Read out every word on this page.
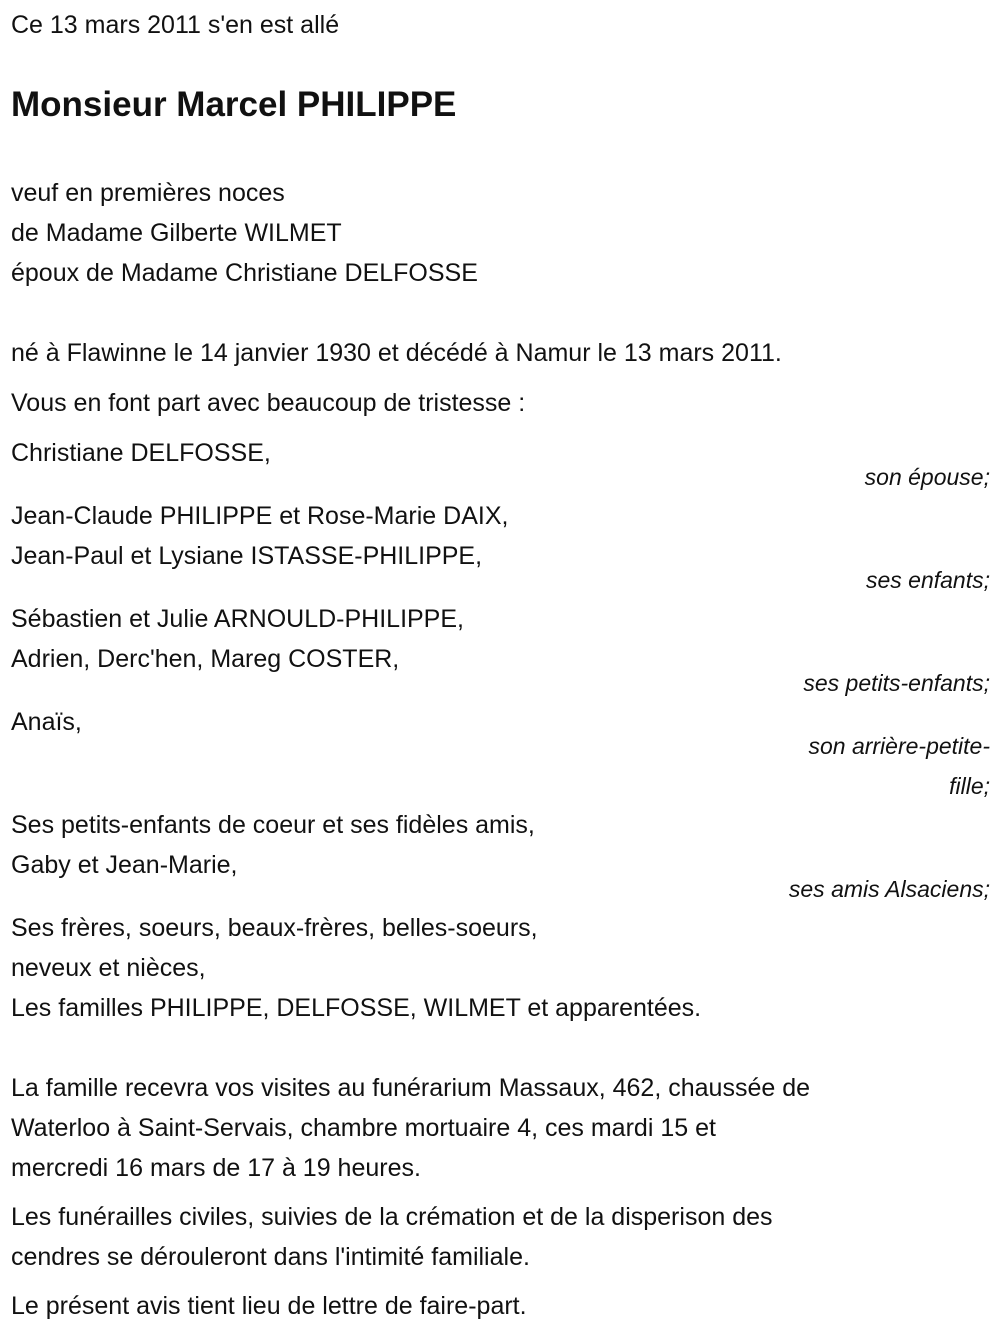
Ce 13 mars 2011 s'en est allé
Monsieur Marcel PHILIPPE
veuf en premières noces
de Madame Gilberte WILMET
époux de Madame Christiane DELFOSSE
né à Flawinne le 14 janvier 1930 et décédé à Namur le 13 mars 2011.
Vous en font part avec beaucoup de tristesse :
Christiane DELFOSSE,
son épouse;
Jean-Claude PHILIPPE et Rose-Marie DAIX,
Jean-Paul et Lysiane ISTASSE-PHILIPPE,
ses enfants;
Sébastien et Julie ARNOULD-PHILIPPE,
Adrien, Derc'hen, Mareg COSTER,
ses petits-enfants;
Anaïs,
son arrière-petite-
fille;
Ses petits-enfants de coeur et ses fidèles amis,
Gaby et Jean-Marie,
ses amis Alsaciens;
Ses frères, soeurs, beaux-frères, belles-soeurs,
neveux et nièces,
Les familles PHILIPPE, DELFOSSE, WILMET et apparentées.
La famille recevra vos visites au funérarium Massaux, 462, chaussée de
Waterloo à Saint-Servais, chambre mortuaire 4, ces mardi 15 et
mercredi 16 mars de 17 à 19 heures.
Les funérailles civiles, suivies de la crémation et de la disperison des
cendres se dérouleront dans l'intimité familiale.
Le présent avis tient lieu de lettre de faire-part.
